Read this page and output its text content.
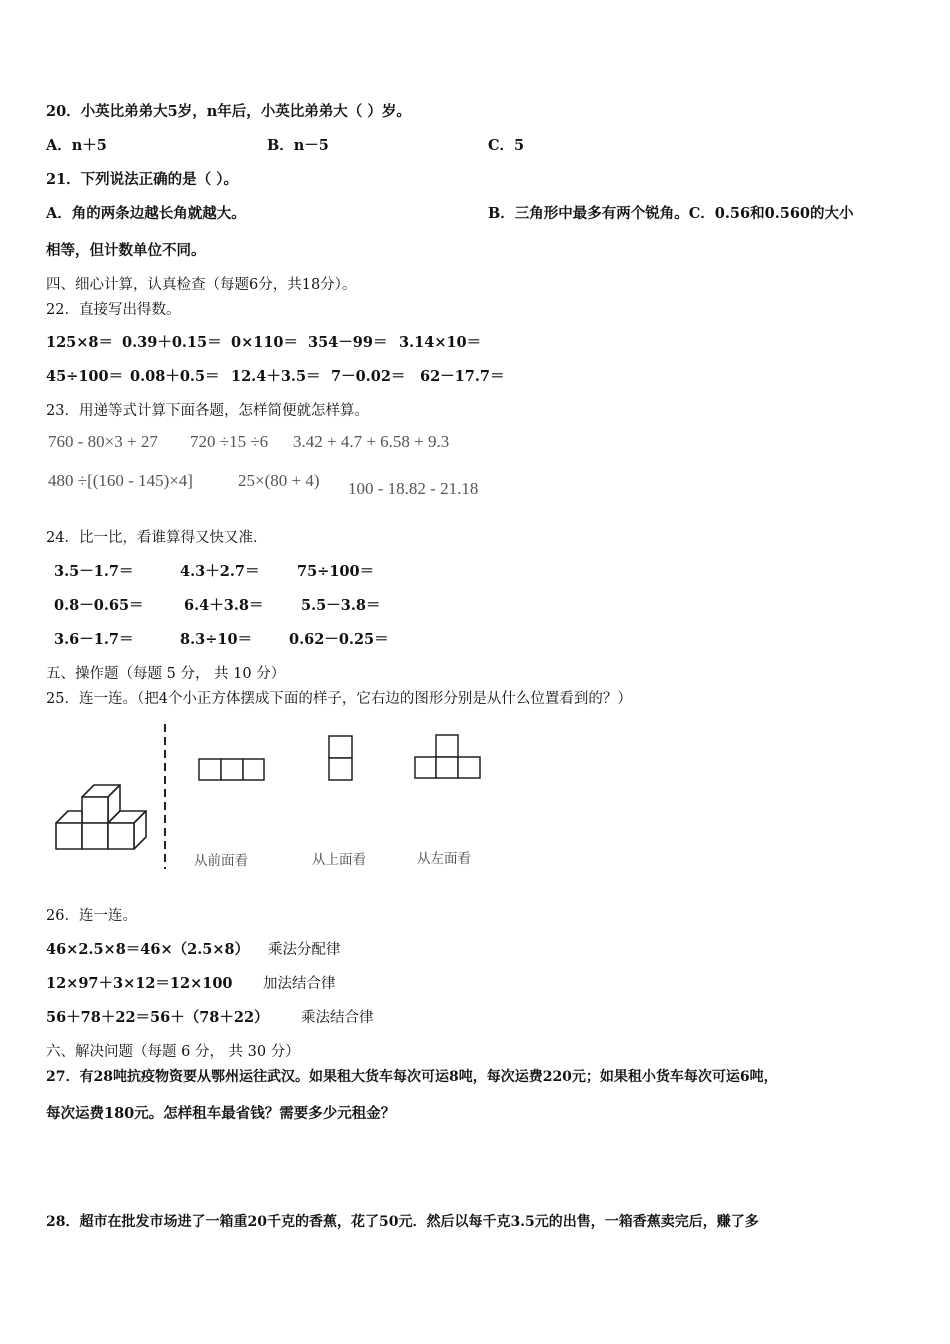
20．小英比弟弟大5岁，n年后，小英比弟弟大（ ）岁。
A．n＋5	B．n－5	C．5
21．下列说法正确的是（ ）。
A．角的两条边越长角就越大。	B．三角形中最多有两个锐角。C．0.56和0.560的大小
相等，但计数单位不同。
四、细心计算，认真检查（每题6分，共18分）。
22．直接写出得数。
125×8＝ 0.39＋0.15＝ 0×110＝ 354－99＝ 3.14×10＝
45÷100＝ 0.08＋0.5＝ 12.4＋3.5＝ 7－0.02＝ 62－17.7＝
23．用递等式计算下面各题，怎样简便就怎样算。
760 - 80×3 + 27 720 ÷15 ÷6 3.42 + 4.7 + 6.58 + 9.3
480 ÷[(160 - 145)×4]	25×(80 + 4) 100 - 18.82 - 21.18
24．比一比，看谁算得又快又准．
3.5－1.7＝	4.3＋2.7＝	75÷100＝
0.8－0.65＝	6.4＋3.8＝	5.5－3.8＝
3.6－1.7＝	8.3÷10＝	0.62－0.25＝
五、操作题（每题 5 分， 共 10 分）
25．连一连。（把4个小正方体摆成下面的样子，它右边的图形分别是从什么位置看到的？）
从前面看	从上面看	从左面看
26．连一连。
46×2.5×8＝46×（2.5×8） 乘法分配律
12×97＋3×12＝12×100 加法结合律
56＋78＋22＝56＋（78＋22） 乘法结合律
六、解决问题（每题 6 分， 共 30 分）
27．有28吨抗疫物资要从鄂州运往武汉。如果租大货车每次可运8吨，每次运费220元；如果租小货车每次可运6吨，
每次运费180元。怎样租车最省钱？需要多少元租金？
28．超市在批发市场进了一箱重20千克的香蕉，花了50元．然后以每千克3.5元的出售，一箱香蕉卖完后，赚了多
